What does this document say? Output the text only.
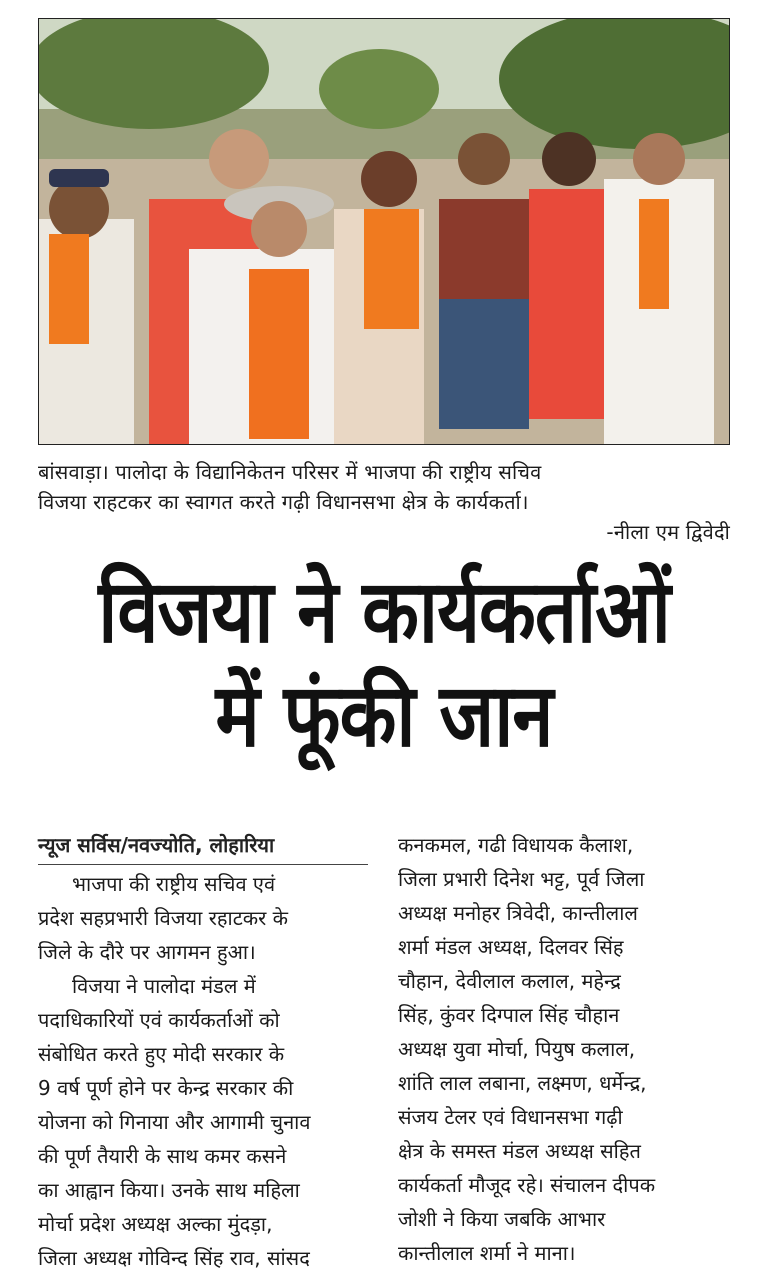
बांसवाड़ा। पालोदा के विद्यानिकेतन परिसर में भाजपा की राष्ट्रीय सचिव
विजया राहटकर का स्वागत करते गढ़ी विधानसभा क्षेत्र के कार्यकर्ता।
-नीला एम द्विवेदी
विजया ने कार्यकर्ताओं
में फूंकी जान
न्यूज सर्विस/नवज्योति, लोहारिया
भाजपा की राष्ट्रीय सचिव एवं
प्रदेश सहप्रभारी विजया रहाटकर के
जिले के दौरे पर आगमन हुआ।
विजया ने पालोदा मंडल में
पदाधिकारियों एवं कार्यकर्ताओं को
संबोधित करते हुए मोदी सरकार के
9 वर्ष पूर्ण होने पर केन्द्र सरकार की
योजना को गिनाया और आगामी चुनाव
की पूर्ण तैयारी के साथ कमर कसने
का आह्वान किया। उनके साथ महिला
मोर्चा प्रदेश अध्यक्ष अल्का मुंदड़ा,
जिला अध्यक्ष गोविन्द सिंह राव, सांसद
कनकमल, गढी विधायक कैलाश,
जिला प्रभारी दिनेश भट्ट, पूर्व जिला
अध्यक्ष मनोहर त्रिवेदी, कान्तीलाल
शर्मा मंडल अध्यक्ष, दिलवर सिंह
चौहान, देवीलाल कलाल, महेन्द्र
सिंह, कुंवर दिग्पाल सिंह चौहान
अध्यक्ष युवा मोर्चा, पियुष कलाल,
शांति लाल लबाना, लक्ष्मण, धर्मेन्द्र,
संजय टेलर एवं विधानसभा गढ़ी
क्षेत्र के समस्त मंडल अध्यक्ष सहित
कार्यकर्ता मौजूद रहे। संचालन दीपक
जोशी ने किया जबकि आभार
कान्तीलाल शर्मा ने माना।
